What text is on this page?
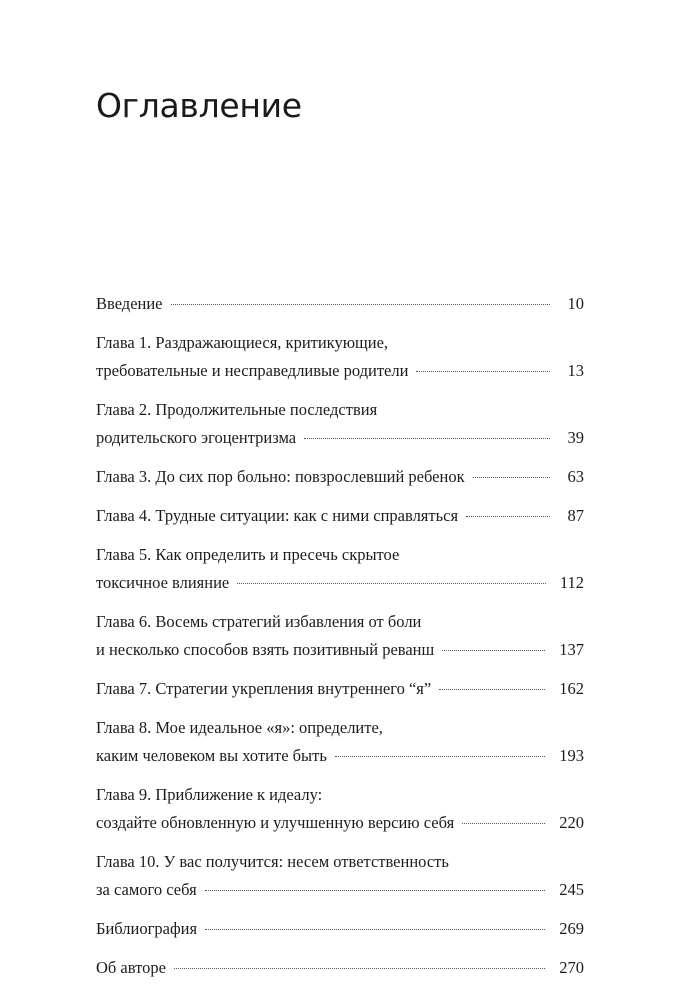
Оглавление
Введение	10
Глава 1. Раздражающиеся, критикующие,
требовательные и несправедливые родители	13
Глава 2. Продолжительные последствия
родительского эгоцентризма	39
Глава 3. До сих пор больно: повзрослевший ребенок	63
Глава 4. Трудные ситуации: как с ними справляться	87
Глава 5. Как определить и пресечь скрытое
токсичное влияние	112
Глава 6. Восемь стратегий избавления от боли
и несколько способов взять позитивный реванш	137
Глава 7. Стратегии укрепления внутреннего “я”	162
Глава 8. Мое идеальное «я»: определите,
каким человеком вы хотите быть	193
Глава 9. Приближение к идеалу:
создайте обновленную и улучшенную версию себя	220
Глава 10. У вас получится: несем ответственность
за самого себя	245
Библиография	269
Об авторе	270
